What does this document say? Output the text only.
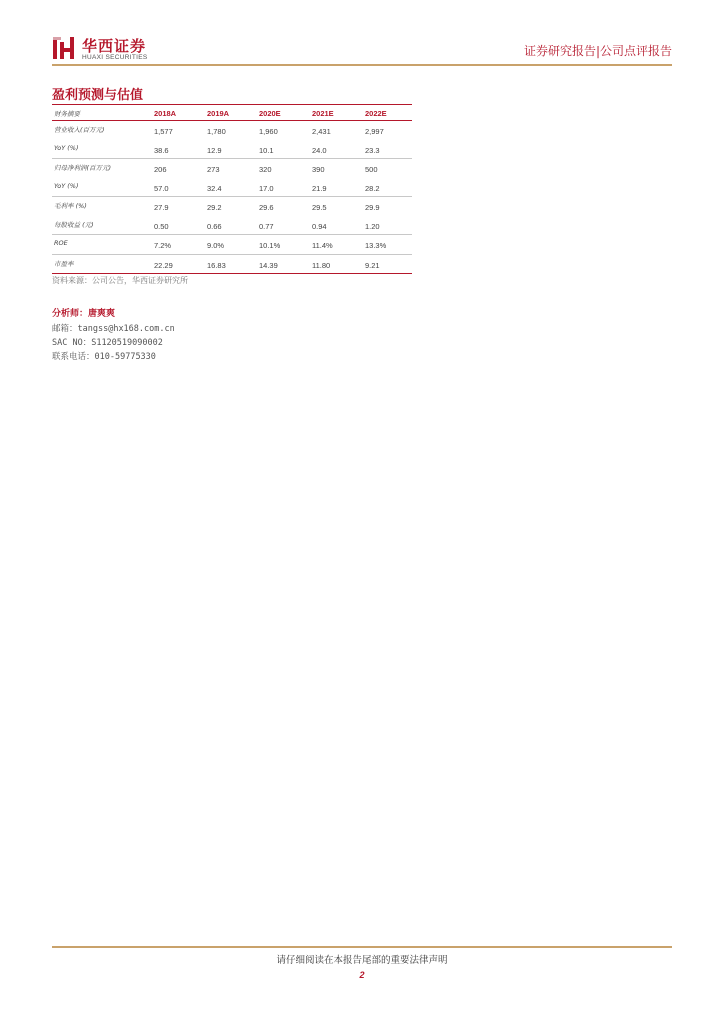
华西证券
HUAXI SECURITIES	证券研究报告|公司点评报告
盈利预测与估值
财务摘要	2018A	2019A	2020E	2021E	2022E
营业收入(百万元)	1,577	1,780	1,960	2,431	2,997
YoY (%)	38.6	12.9	10.1	24.0	23.3
归母净利润(百万元)	206	273	320	390	500
YoY (%)	57.0	32.4	17.0	21.9	28.2
毛利率 (%)	27.9	29.2	29.6	29.5	29.9
每股收益 (元)	0.50	0.66	0.77	0.94	1.20
ROE	7.2%	9.0%	10.1%	11.4%	13.3%
市盈率	22.29	16.83	14.39	11.80	9.21
资料来源：公司公告，华西证券研究所
分析师：唐爽爽
邮箱：tangss@hx168.com.cn
SAC NO：S1120519090002
联系电话：010-59775330
请仔细阅读在本报告尾部的重要法律声明
2
